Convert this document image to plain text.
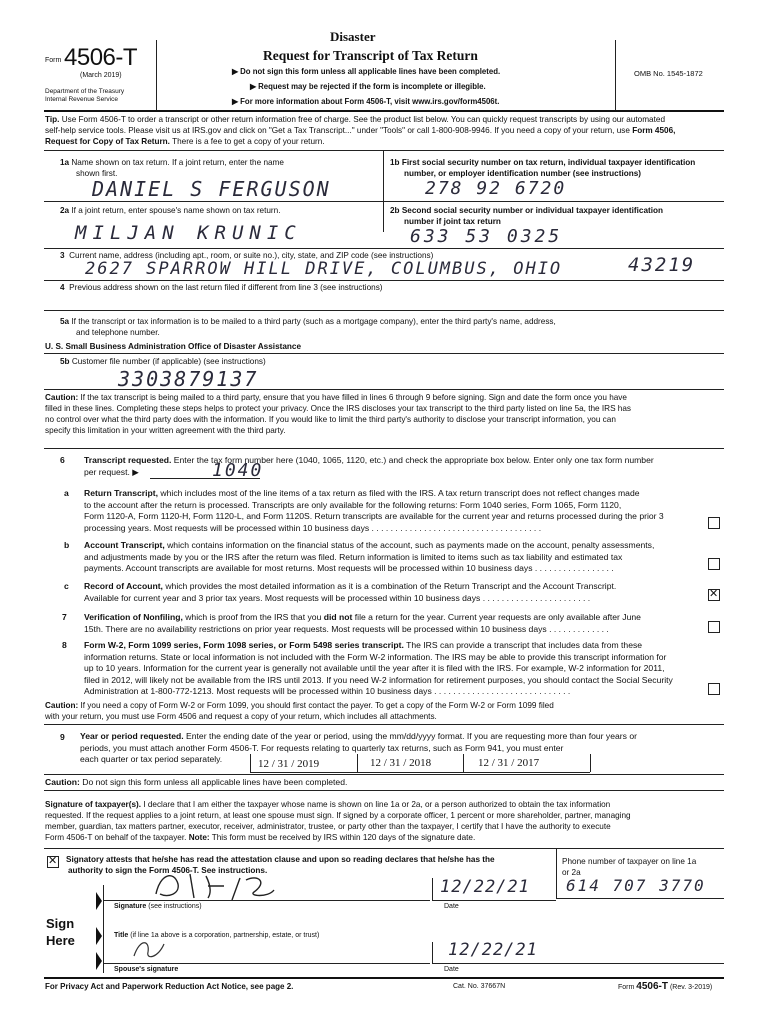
Form 4506-T
(March 2019)
Department of the Treasury
Internal Revenue Service
Disaster
Request for Transcript of Tax Return
▶ Do not sign this form unless all applicable lines have been completed.
▶ Request may be rejected if the form is incomplete or illegible.
▶ For more information about Form 4506-T, visit www.irs.gov/form4506t.
OMB No. 1545-1872
Tip. Use Form 4506-T to order a transcript or other return information free of charge. See the product list below. You can quickly request transcripts by using our automated
self-help service tools. Please visit us at IRS.gov and click on "Get a Tax Transcript..." under "Tools" or call 1-800-908-9946. If you need a copy of your return, use Form 4506,
Request for Copy of Tax Return. There is a fee to get a copy of your return.
1a Name shown on tax return. If a joint return, enter the name
shown first.
DANIEL S FERGUSON
1b First social security number on tax return, individual taxpayer identification
number, or employer identification number (see instructions)
278 92 6720
2a If a joint return, enter spouse's name shown on tax return.
MILJAN KRUNIC
2b Second social security number or individual taxpayer identification
number if joint tax return
633 53 0325
3 Current name, address (including apt., room, or suite no.), city, state, and ZIP code (see instructions)
2627 SPARROW HILL DRIVE, COLUMBUS, OHIO	43219
4 Previous address shown on the last return filed if different from line 3 (see instructions)
5a If the transcript or tax information is to be mailed to a third party (such as a mortgage company), enter the third party's name, address,
and telephone number.
U. S. Small Business Administration Office of Disaster Assistance
5b Customer file number (if applicable) (see instructions)
3303879137
Caution: If the tax transcript is being mailed to a third party, ensure that you have filled in lines 6 through 9 before signing. Sign and date the form once you have
filled in these lines. Completing these steps helps to protect your privacy. Once the IRS discloses your tax transcript to the third party listed on line 5a, the IRS has
no control over what the third party does with the information. If you would like to limit the third party's authority to disclose your transcript information, you can
specify this limitation in your written agreement with the third party.
6 Transcript requested. Enter the tax form number here (1040, 1065, 1120, etc.) and check the appropriate box below. Enter only one tax form number
per request. ▶	1040
a Return Transcript, which includes most of the line items of a tax return as filed with the IRS. A tax return transcript does not reflect changes made
to the account after the return is processed. Transcripts are only available for the following returns: Form 1040 series, Form 1065, Form 1120,
Form 1120-A, Form 1120-H, Form 1120-L, and Form 1120S. Return transcripts are available for the current year and returns processed during the prior 3
processing years. Most requests will be processed within 10 business days . . . . . . . . . . . . . . . . . . . . . . . . . . . . . . . . . . . .
b Account Transcript, which contains information on the financial status of the account, such as payments made on the account, penalty assessments,
and adjustments made by you or the IRS after the return was filed. Return information is limited to items such as tax liability and estimated tax
payments. Account transcripts are available for most returns. Most requests will be processed within 10 business days . . . . . . . . . . . . . . . . .
c Record of Account, which provides the most detailed information as it is a combination of the Return Transcript and the Account Transcript.
Available for current year and 3 prior tax years. Most requests will be processed within 10 business days . . . . . . . . . . . . . . . . . . . . . . .
✕
7 Verification of Nonfiling, which is proof from the IRS that you did not file a return for the year. Current year requests are only available after June
15th. There are no availability restrictions on prior year requests. Most requests will be processed within 10 business days . . . . . . . . . . . . .
8 Form W-2, Form 1099 series, Form 1098 series, or Form 5498 series transcript. The IRS can provide a transcript that includes data from these
information returns. State or local information is not included with the Form W-2 information. The IRS may be able to provide this transcript information for
up to 10 years. Information for the current year is generally not available until the year after it is filed with the IRS. For example, W-2 information for 2011,
filed in 2012, will likely not be available from the IRS until 2013. If you need W-2 information for retirement purposes, you should contact the Social Security
Administration at 1-800-772-1213. Most requests will be processed within 10 business days . . . . . . . . . . . . . . . . . . . . . . . . . . . . .
Caution: If you need a copy of Form W-2 or Form 1099, you should first contact the payer. To get a copy of the Form W-2 or Form 1099 filed
with your return, you must use Form 4506 and request a copy of your return, which includes all attachments.
9 Year or period requested. Enter the ending date of the year or period, using the mm/dd/yyyy format. If you are requesting more than four years or
periods, you must attach another Form 4506-T. For requests relating to quarterly tax returns, such as Form 941, you must enter
each quarter or tax period separately.	12 / 31 / 2019	12 / 31 / 2018	12 / 31 / 2017
Caution: Do not sign this form unless all applicable lines have been completed.
Signature of taxpayer(s). I declare that I am either the taxpayer whose name is shown on line 1a or 2a, or a person authorized to obtain the tax information
requested. If the request applies to a joint return, at least one spouse must sign. If signed by a corporate officer, 1 percent or more shareholder, partner, managing
member, guardian, tax matters partner, executor, receiver, administrator, trustee, or party other than the taxpayer, I certify that I have the authority to execute
Form 4506-T on behalf of the taxpayer. Note: This form must be received by IRS within 120 days of the signature date.
✕
Signatory attests that he/she has read the attestation clause and upon so reading declares that he/she has the
authority to sign the Form 4506-T. See instructions.
Phone number of taxpayer on line 1a
or 2a
614 707 3770
Sign
Here
Signature (see instructions)
12/22/21
Date
Title (if line 1a above is a corporation, partnership, estate, or trust)
Spouse's signature
12/22/21
Date
For Privacy Act and Paperwork Reduction Act Notice, see page 2.	Cat. No. 37667N	Form 4506-T (Rev. 3-2019)
